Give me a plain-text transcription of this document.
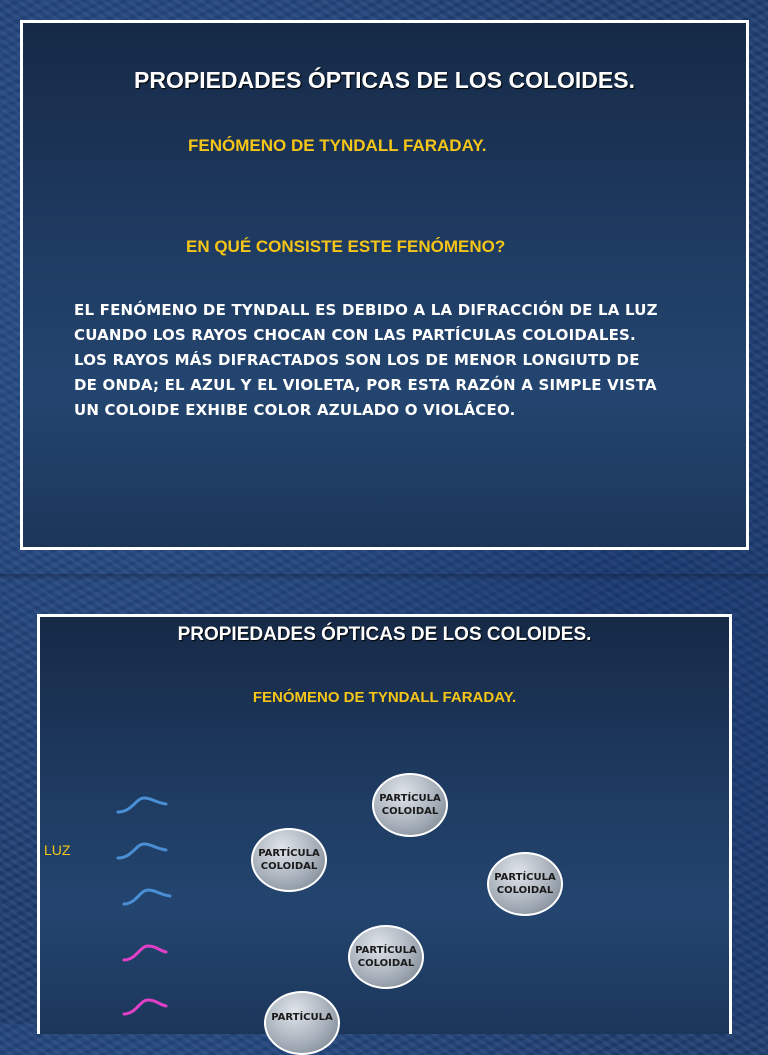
PROPIEDADES ÓPTICAS DE LOS COLOIDES.
FENÓMENO DE TYNDALL FARADAY.
EN QUÉ CONSISTE ESTE FENÓMENO?
EL FENÓMENO DE TYNDALL ES DEBIDO A LA DIFRACCIÓN DE LA LUZ
CUANDO LOS RAYOS CHOCAN CON LAS PARTÍCULAS COLOIDALES.
LOS RAYOS MÁS DIFRACTADOS SON LOS DE MENOR LONGIUTD DE
DE ONDA; EL AZUL Y EL VIOLETA, POR ESTA RAZÓN A SIMPLE VISTA
UN COLOIDE EXHIBE COLOR AZULADO O VIOLÁCEO.
PROPIEDADES ÓPTICAS DE LOS COLOIDES.
FENÓMENO DE TYNDALL FARADAY.
LUZ
PARTÍCULA
COLOIDAL
PARTÍCULA
COLOIDAL
PARTÍCULA
COLOIDAL
PARTÍCULA
COLOIDAL
PARTÍCULA
